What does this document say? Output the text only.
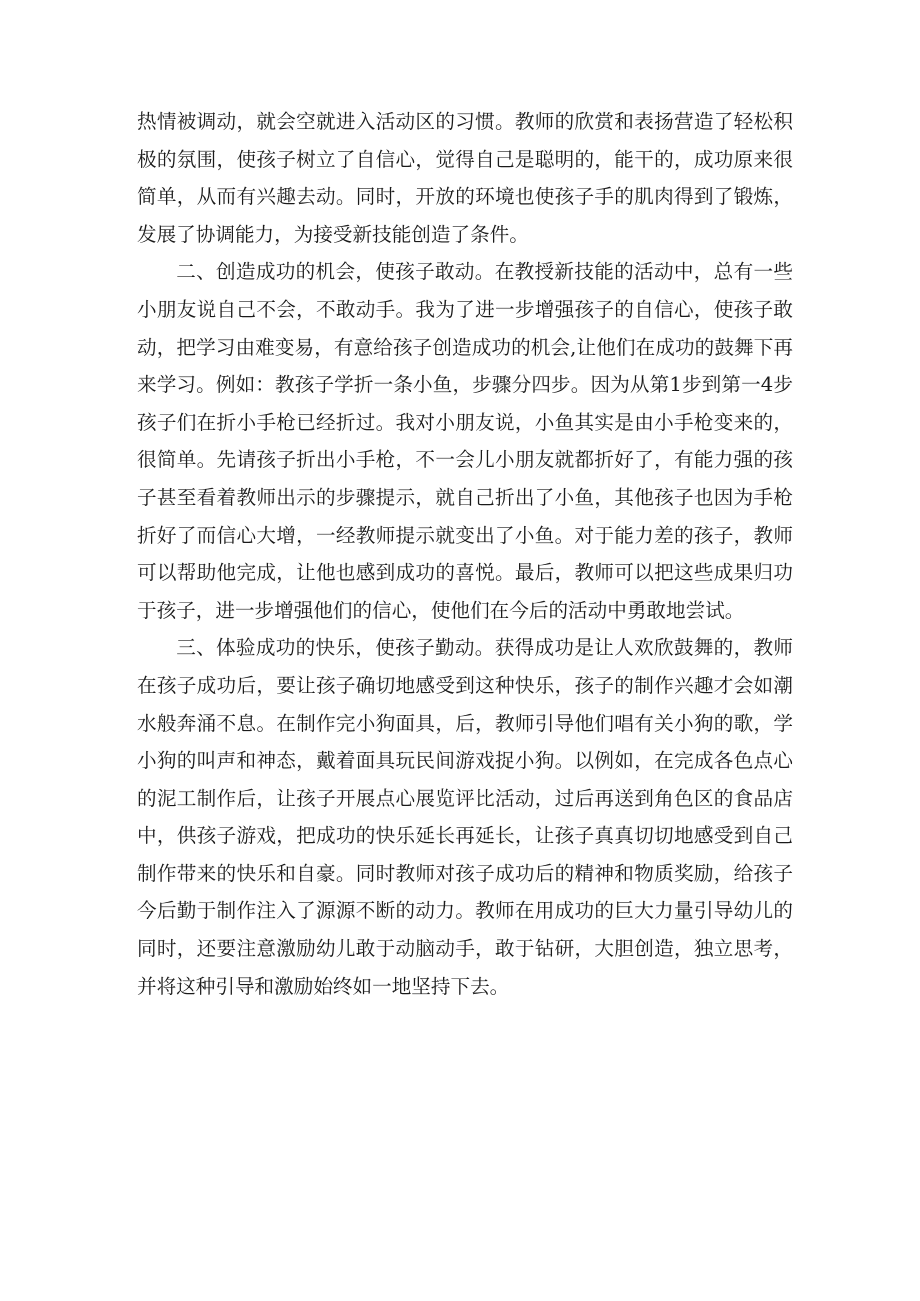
热情被调动，就会空就进入活动区的习惯。教师的欣赏和表扬营造了轻松积极的氛围，使孩子树立了自信心，觉得自己是聪明的，能干的，成功原来很简单，从而有兴趣去动。同时，开放的环境也使孩子手的肌肉得到了锻炼，发展了协调能力，为接受新技能创造了条件。

二、创造成功的机会，使孩子敢动。在教授新技能的活动中，总有一些小朋友说自己不会，不敢动手。我为了进一步增强孩子的自信心，使孩子敢动，把学习由难变易，有意给孩子创造成功的机会,让他们在成功的鼓舞下再来学习。例如：教孩子学折一条小鱼，步骤分四步。因为从第1步到第一4步孩子们在折小手枪已经折过。我对小朋友说，小鱼其实是由小手枪变来的，很简单。先请孩子折出小手枪，不一会儿小朋友就都折好了，有能力强的孩子甚至看着教师出示的步骤提示，就自己折出了小鱼，其他孩子也因为手枪折好了而信心大增，一经教师提示就变出了小鱼。对于能力差的孩子，教师可以帮助他完成，让他也感到成功的喜悦。最后，教师可以把这些成果归功于孩子，进一步增强他们的信心，使他们在今后的活动中勇敢地尝试。

三、体验成功的快乐，使孩子勤动。获得成功是让人欢欣鼓舞的，教师在孩子成功后，要让孩子确切地感受到这种快乐，孩子的制作兴趣才会如潮水般奔涌不息。在制作完小狗面具，后，教师引导他们唱有关小狗的歌，学小狗的叫声和神态，戴着面具玩民间游戏捉小狗。以例如，在完成各色点心的泥工制作后，让孩子开展点心展览评比活动，过后再送到角色区的食品店中，供孩子游戏，把成功的快乐延长再延长，让孩子真真切切地感受到自己制作带来的快乐和自豪。同时教师对孩子成功后的精神和物质奖励，给孩子今后勤于制作注入了源源不断的动力。教师在用成功的巨大力量引导幼儿的同时，还要注意激励幼儿敢于动脑动手，敢于钻研，大胆创造，独立思考，并将这种引导和激励始终如一地坚持下去。
